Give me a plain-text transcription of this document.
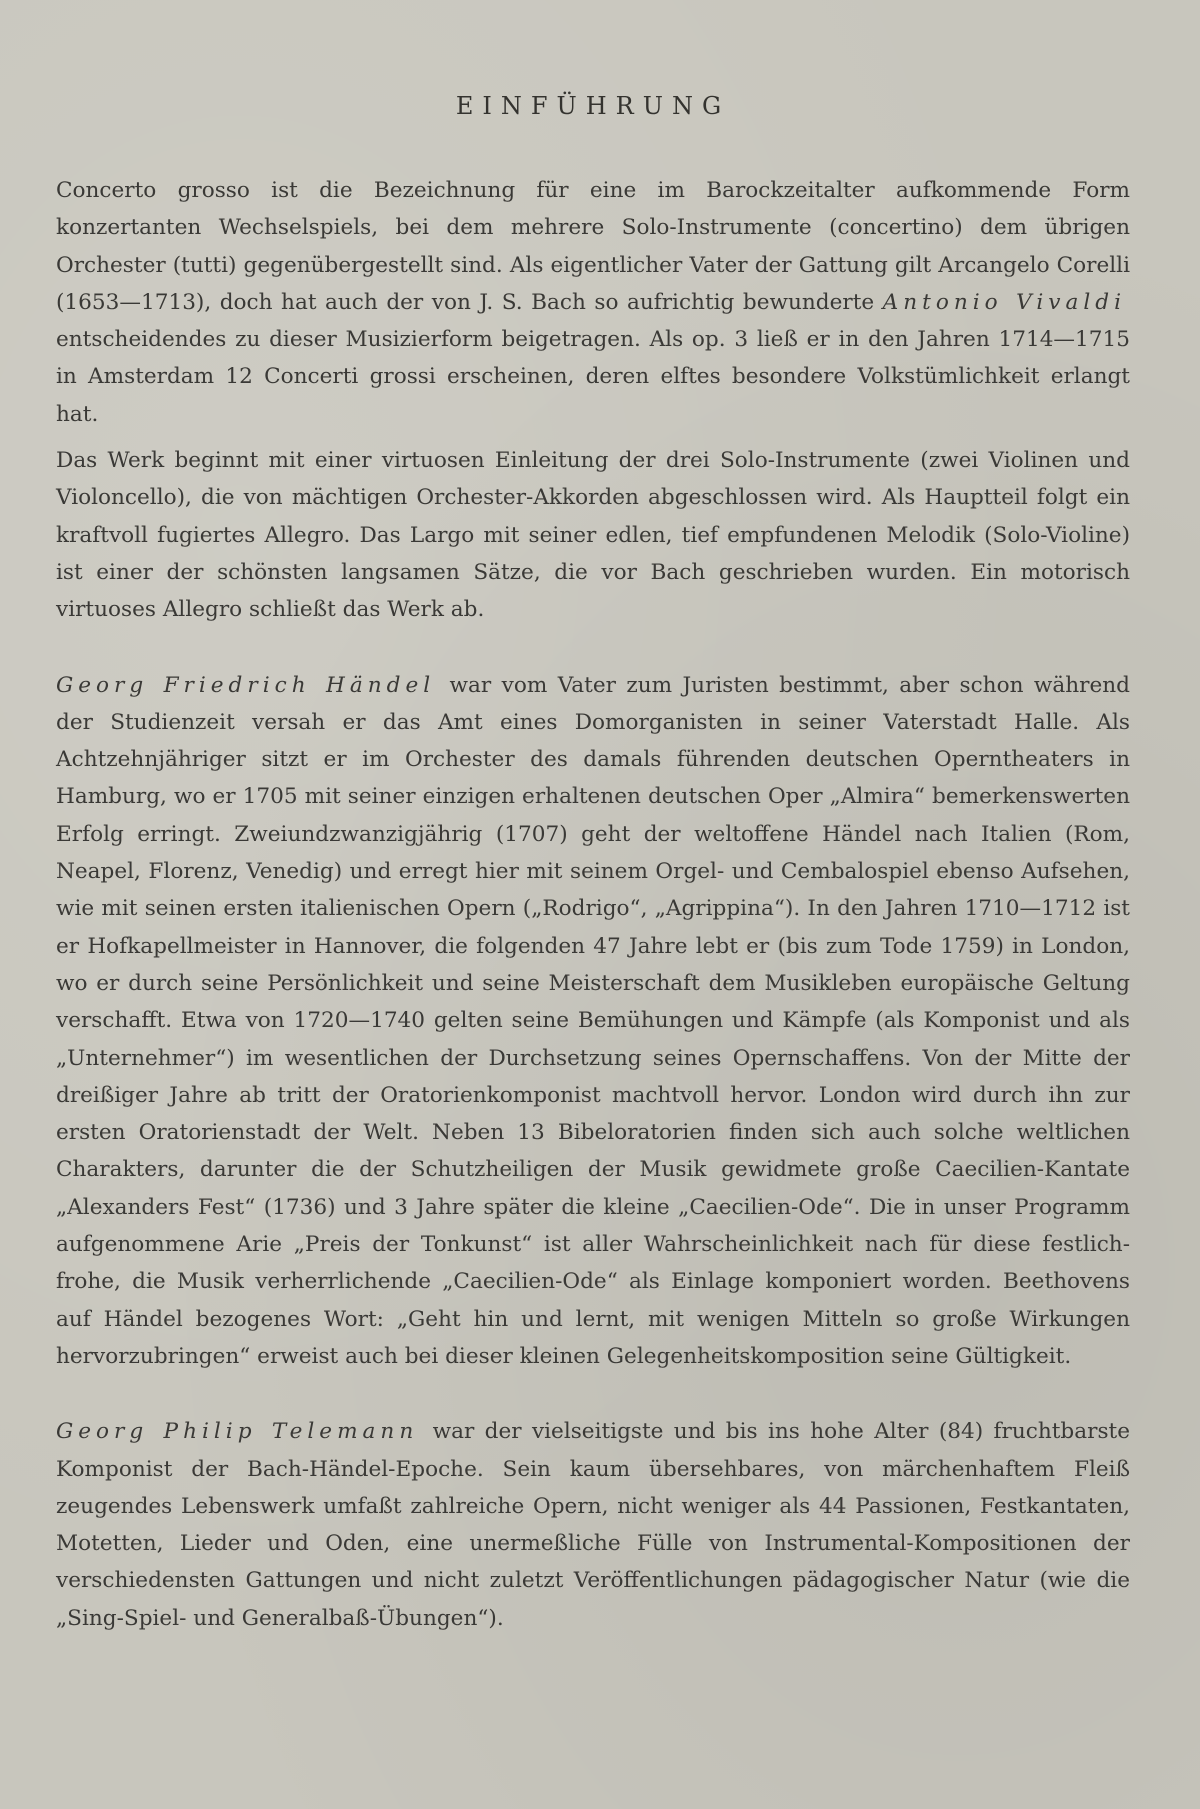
EINFÜHRUNG

Concerto grosso ist die Bezeichnung für eine im Barockzeitalter aufkommende Form konzertanten Wechselspiels, bei dem mehrere Solo-Instrumente (concertino) dem übrigen Orchester (tutti) gegenübergestellt sind. Als eigentlicher Vater der Gattung gilt Arcangelo Corelli (1653—1713), doch hat auch der von J. S. Bach so aufrichtig bewunderte Antonio Vivaldi entscheidendes zu dieser Musizierform beigetragen. Als op. 3 ließ er in den Jahren 1714—1715 in Amsterdam 12 Concerti grossi erscheinen, deren elftes besondere Volkstümlichkeit erlangt hat.

Das Werk beginnt mit einer virtuosen Einleitung der drei Solo-Instrumente (zwei Violinen und Violoncello), die von mächtigen Orchester-Akkorden abgeschlossen wird. Als Hauptteil folgt ein kraftvoll fugiertes Allegro. Das Largo mit seiner edlen, tief empfundenen Melodik (Solo-Violine) ist einer der schönsten langsamen Sätze, die vor Bach geschrieben wurden. Ein motorisch virtuoses Allegro schließt das Werk ab.

Georg Friedrich Händel war vom Vater zum Juristen bestimmt, aber schon während der Studienzeit versah er das Amt eines Domorganisten in seiner Vaterstadt Halle. Als Achtzehnjähriger sitzt er im Orchester des damals führenden deutschen Operntheaters in Hamburg, wo er 1705 mit seiner einzigen erhaltenen deutschen Oper „Almira“ bemerkenswerten Erfolg erringt. Zweiundzwanzigjährig (1707) geht der weltoffene Händel nach Italien (Rom, Neapel, Florenz, Venedig) und erregt hier mit seinem Orgel- und Cembalospiel ebenso Aufsehen, wie mit seinen ersten italienischen Opern („Rodrigo“, „Agrippina“). In den Jahren 1710—1712 ist er Hofkapellmeister in Hannover, die folgenden 47 Jahre lebt er (bis zum Tode 1759) in London, wo er durch seine Persönlichkeit und seine Meisterschaft dem Musikleben europäische Geltung verschafft. Etwa von 1720—1740 gelten seine Bemühungen und Kämpfe (als Komponist und als „Unternehmer“) im wesentlichen der Durchsetzung seines Opernschaffens. Von der Mitte der dreißiger Jahre ab tritt der Oratorienkomponist machtvoll hervor. London wird durch ihn zur ersten Oratorienstadt der Welt. Neben 13 Bibeloratorien finden sich auch solche weltlichen Charakters, darunter die der Schutzheiligen der Musik gewidmete große Caecilien-Kantate „Alexanders Fest“ (1736) und 3 Jahre später die kleine „Caecilien-Ode“. Die in unser Programm aufgenommene Arie „Preis der Tonkunst“ ist aller Wahrscheinlichkeit nach für diese festlich-frohe, die Musik verherrlichende „Caecilien-Ode“ als Einlage komponiert worden. Beethovens auf Händel bezogenes Wort: „Geht hin und lernt, mit wenigen Mitteln so große Wirkungen hervorzubringen“ erweist auch bei dieser kleinen Gelegenheitskomposition seine Gültigkeit.

Georg Philip Telemann war der vielseitigste und bis ins hohe Alter (84) fruchtbarste Komponist der Bach-Händel-Epoche. Sein kaum übersehbares, von märchenhaftem Fleiß zeugendes Lebenswerk umfaßt zahlreiche Opern, nicht weniger als 44 Passionen, Festkantaten, Motetten, Lieder und Oden, eine unermeßliche Fülle von Instrumental-Kompositionen der verschiedensten Gattungen und nicht zuletzt Veröffentlichungen pädagogischer Natur (wie die „Sing-Spiel- und Generalbaß-Übungen“).
